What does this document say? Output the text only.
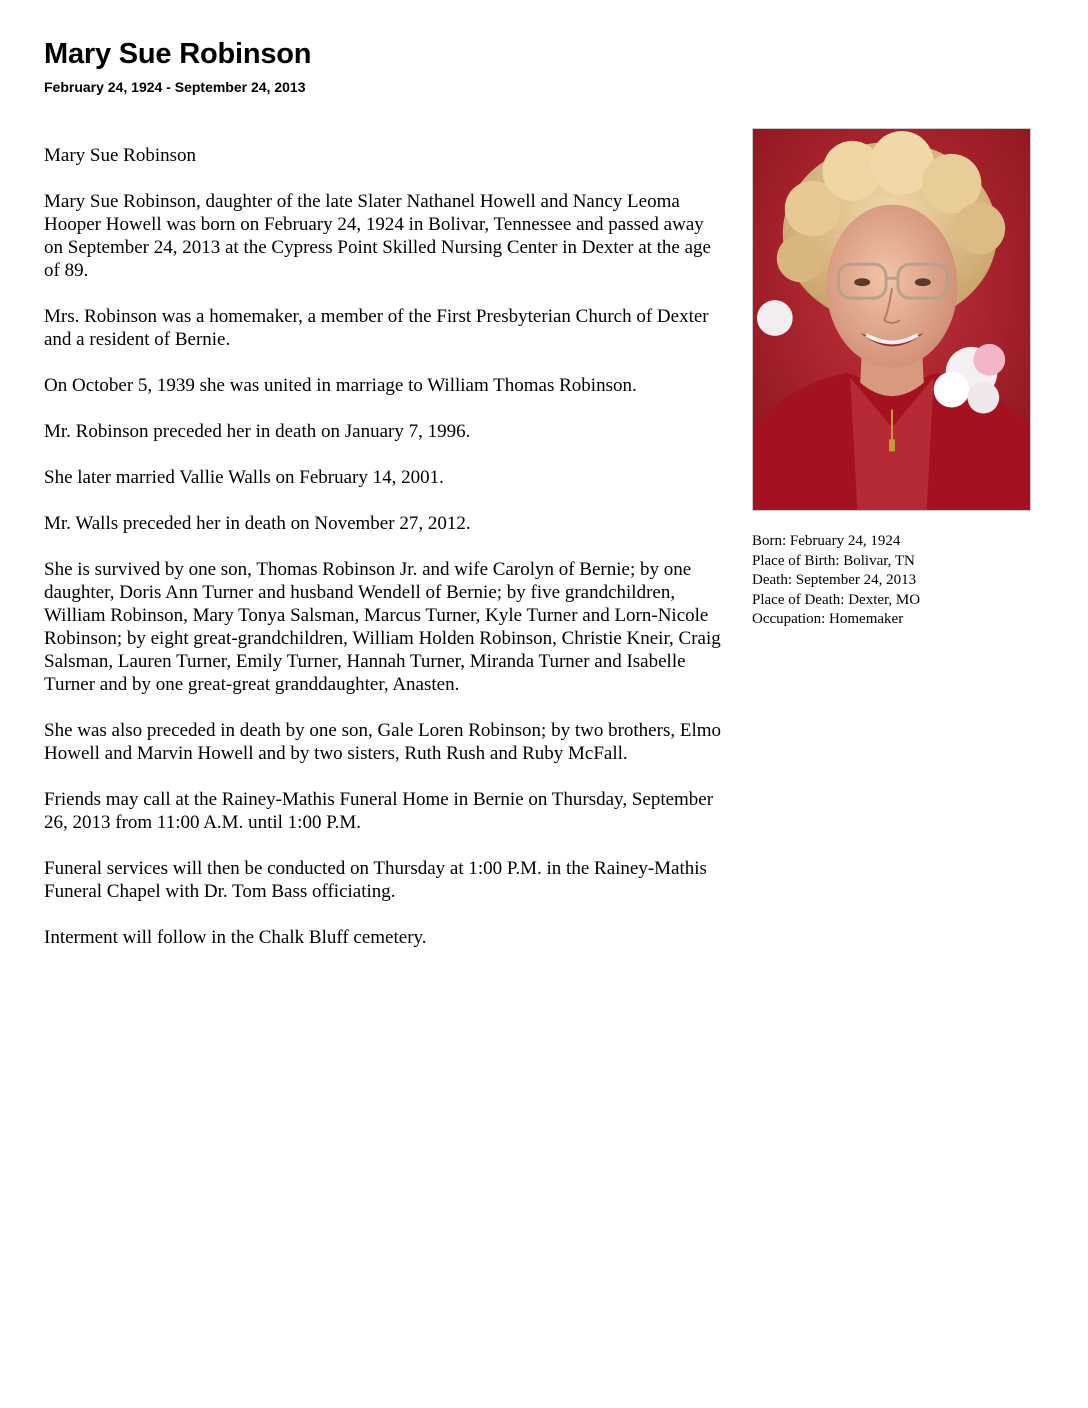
Mary Sue Robinson
February 24, 1924 - September 24, 2013

Mary Sue Robinson

Mary Sue Robinson, daughter of the late Slater Nathanel Howell and Nancy Leoma Hooper Howell was born on February 24, 1924 in Bolivar, Tennessee and passed away on September 24, 2013 at the Cypress Point Skilled Nursing Center in Dexter at the age of 89.

Mrs. Robinson was a homemaker, a member of the First Presbyterian Church of Dexter and a resident of Bernie.

On October 5, 1939 she was united in marriage to William Thomas Robinson.

Mr. Robinson preceded her in death on January 7, 1996.

She later married Vallie Walls on February 14, 2001.

Mr. Walls preceded her in death on November 27, 2012.

She is survived by one son, Thomas Robinson Jr. and wife Carolyn of Bernie; by one daughter, Doris Ann Turner and husband Wendell of Bernie; by five grandchildren, William Robinson, Mary Tonya Salsman, Marcus Turner, Kyle Turner and Lorn-Nicole Robinson; by eight great-grandchildren, William Holden Robinson, Christie Kneir, Craig Salsman, Lauren Turner, Emily Turner, Hannah Turner, Miranda Turner and Isabelle Turner and by one great-great granddaughter, Anasten.

She was also preceded in death by one son, Gale Loren Robinson; by two brothers, Elmo Howell and Marvin Howell and by two sisters, Ruth Rush and Ruby McFall.

Friends may call at the Rainey-Mathis Funeral Home in Bernie on Thursday, September 26, 2013 from 11:00 A.M. until 1:00 P.M.

Funeral services will then be conducted on Thursday at 1:00 P.M. in the Rainey-Mathis Funeral Chapel with Dr. Tom Bass officiating.

Interment will follow in the Chalk Bluff cemetery.

Born: February 24, 1924
Place of Birth: Bolivar, TN
Death: September 24, 2013
Place of Death: Dexter, MO
Occupation: Homemaker
